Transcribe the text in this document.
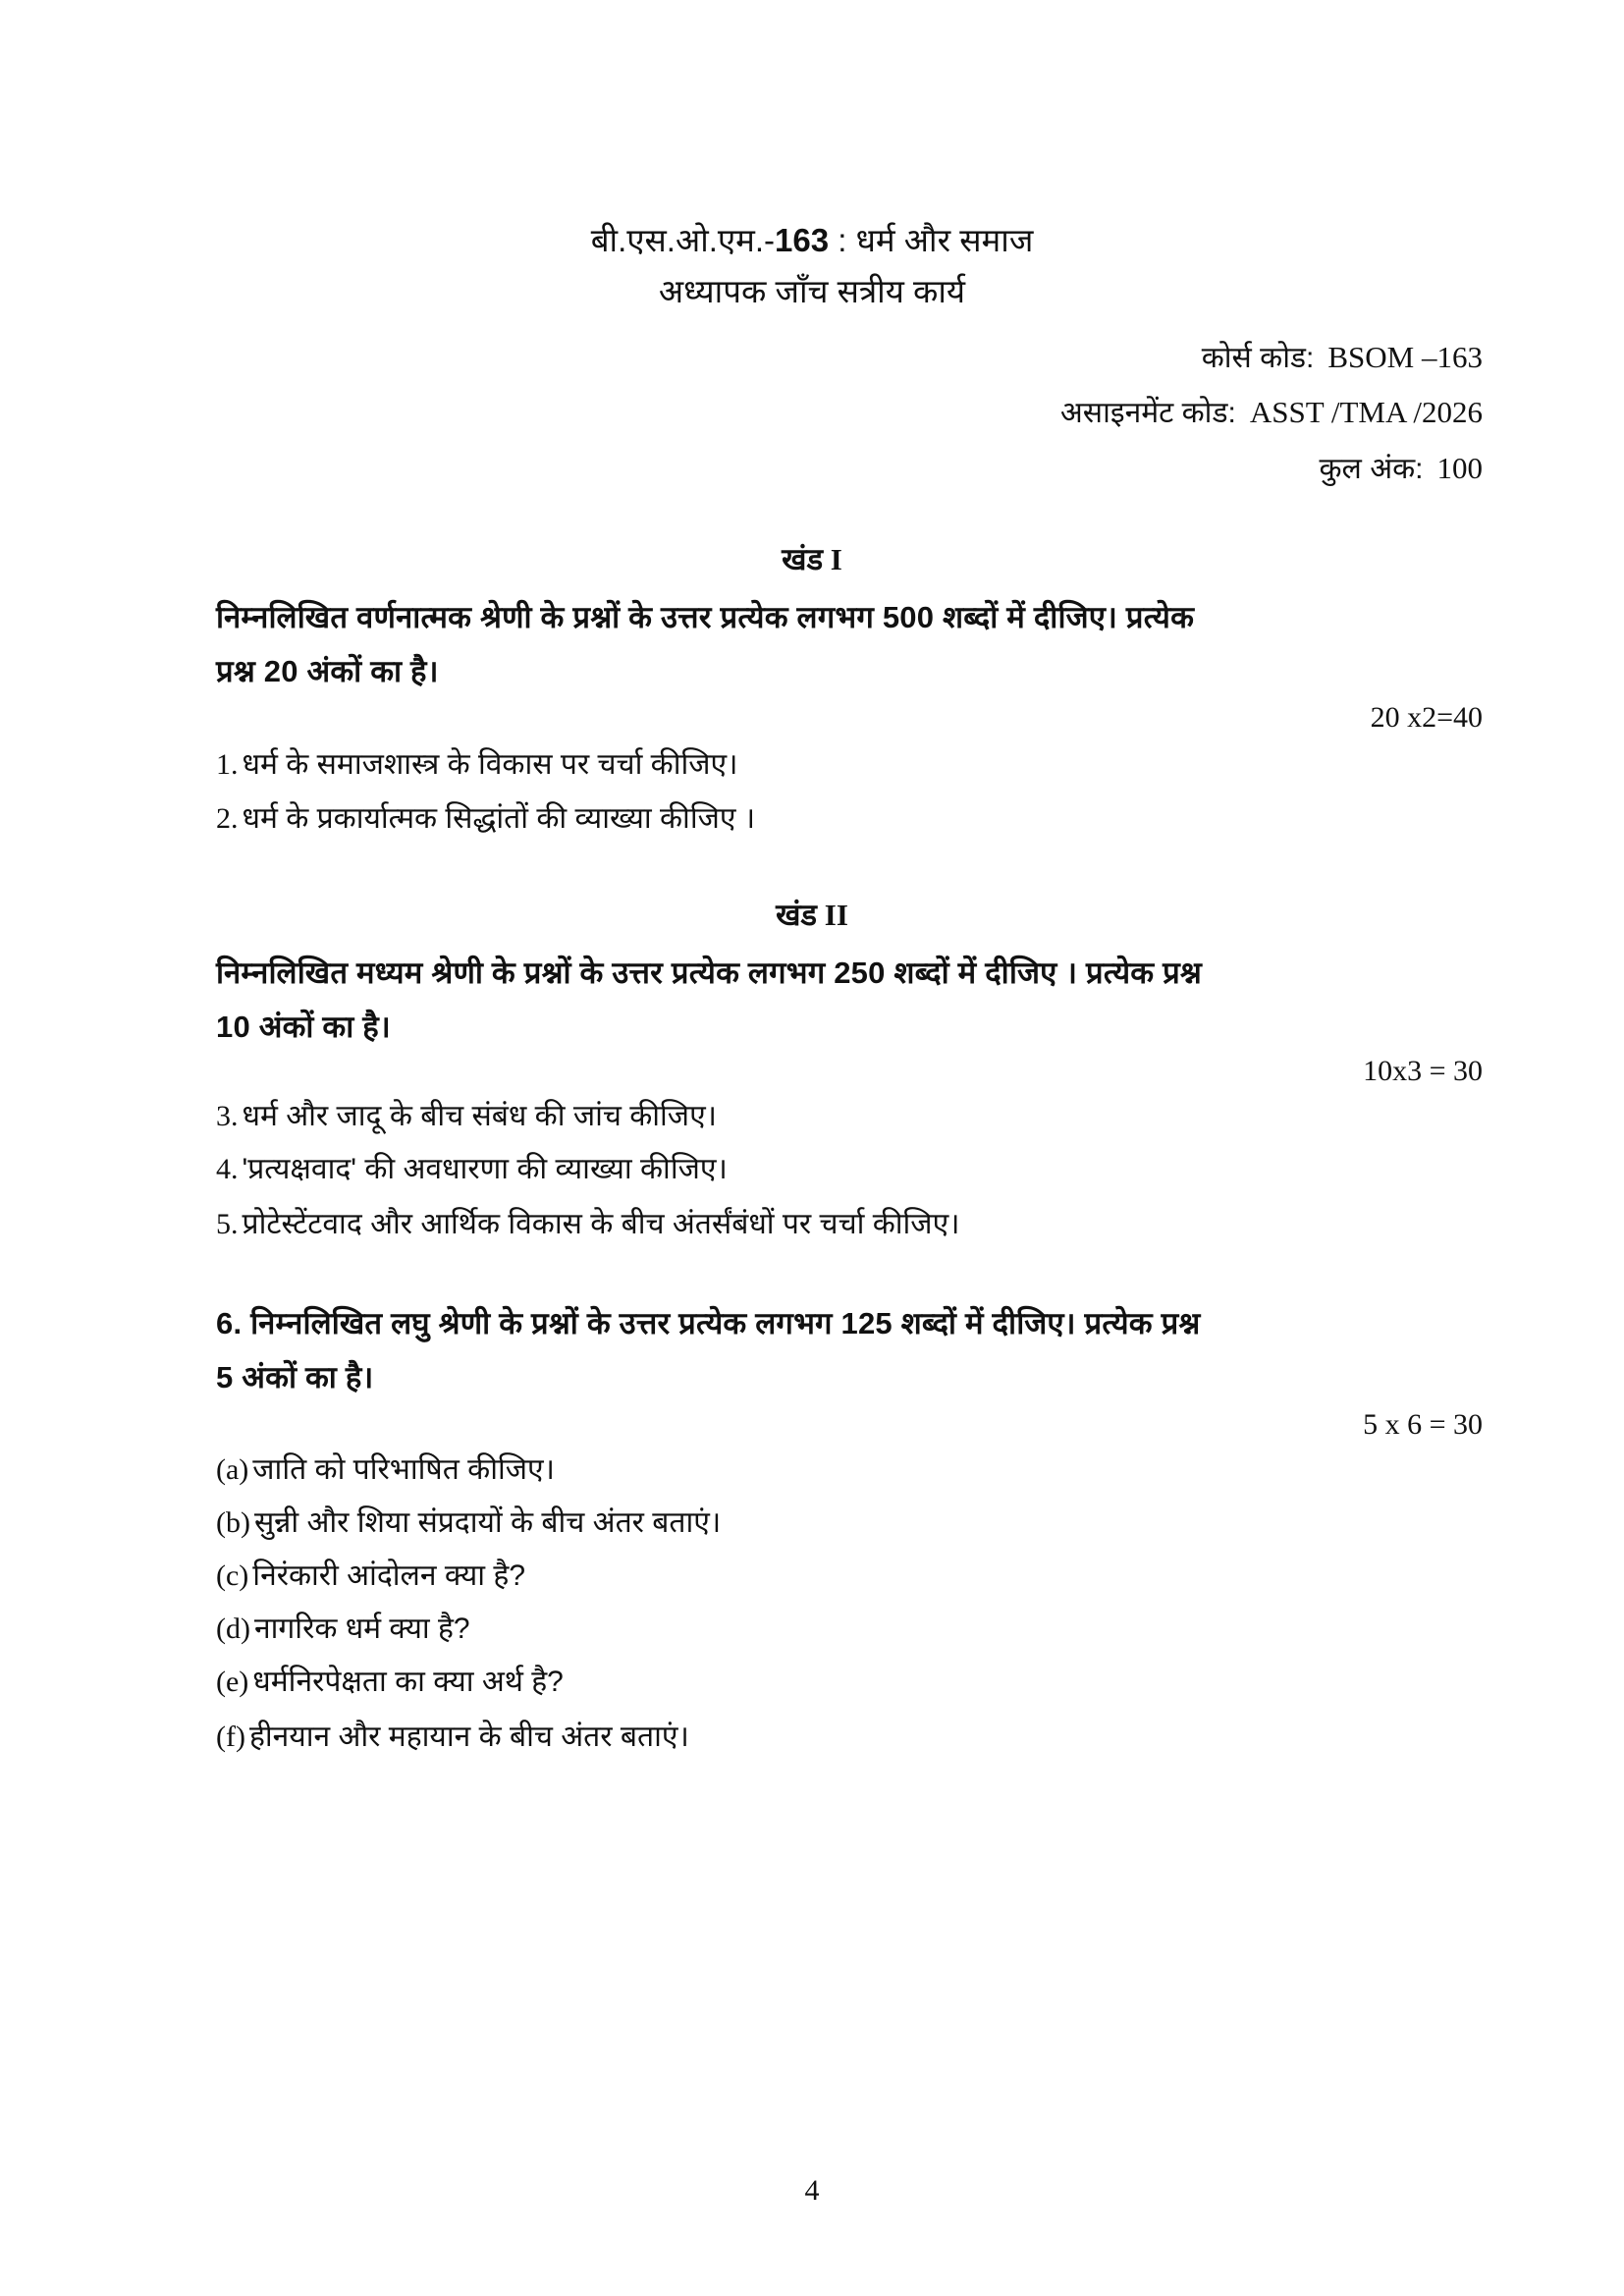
बी.एस.ओ.एम.-163 : धर्म और समाज
अध्यापक जाँच सत्रीय कार्य
कोर्स कोड: BSOM –163
असाइनमेंट कोड: ASST /TMA /2026
कुल अंक: 100
खंड I
निम्नलिखित वर्णनात्मक श्रेणी के प्रश्नों के उत्तर प्रत्येक लगभग 500 शब्दों में दीजिए। प्रत्येक
प्रश्न 20 अंकों का है।
20 x2=40
1. धर्म के समाजशास्त्र के विकास पर चर्चा कीजिए।
2. धर्म के प्रकार्यात्मक सिद्धांतों की व्याख्या कीजिए ।
खंड II
निम्नलिखित मध्यम श्रेणी के प्रश्नों के उत्तर प्रत्येक लगभग 250 शब्दों में दीजिए । प्रत्येक प्रश्न
10 अंकों का है।
10x3 = 30
3. धर्म और जादू के बीच संबंध की जांच कीजिए।
4. 'प्रत्यक्षवाद' की अवधारणा की व्याख्या कीजिए।
5. प्रोटेस्टेंटवाद और आर्थिक विकास के बीच अंतर्संबंधों पर चर्चा कीजिए।
6. निम्नलिखित लघु श्रेणी के प्रश्नों के उत्तर प्रत्येक लगभग 125 शब्दों में दीजिए। प्रत्येक प्रश्न
5 अंकों का है।
5 x 6 = 30
(a) जाति को परिभाषित कीजिए।
(b) सुन्नी और शिया संप्रदायों के बीच अंतर बताएं।
(c) निरंकारी आंदोलन क्या है?
(d) नागरिक धर्म क्या है?
(e) धर्मनिरपेक्षता का क्या अर्थ है?
(f) हीनयान और महायान के बीच अंतर बताएं।
4
